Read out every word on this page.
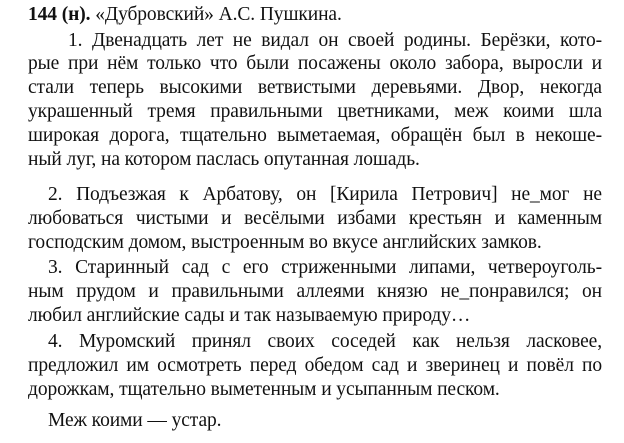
144 (н). «Дубровский» А.С. Пушкина.
1. Двенадцать лет не видал он своей родины. Берёзки, кото-
рые при нём только что были посажены около забора, выросли и
стали теперь высокими ветвистыми деревьями. Двор, некогда
украшенный тремя правильными цветниками, меж коими шла
широкая дорога, тщательно выметаемая, обращён был в некоше-
ный луг, на котором паслась опутанная лошадь.
2. Подъезжая к Арбатову, он [Кирила Петрович] не_мог не
любоваться чистыми и весёлыми избами крестьян и каменным
господским домом, выстроенным во вкусе английских замков.
3. Старинный сад с его стриженными липами, четвероуголь-
ным прудом и правильными аллеями князю не_понравился; он
любил английские сады и так называемую природу…
4. Муромский принял своих соседей как нельзя ласковее,
предложил им осмотреть перед обедом сад и зверинец и повёл по
дорожкам, тщательно выметенным и усыпанным песком.
Меж коими — устар.
